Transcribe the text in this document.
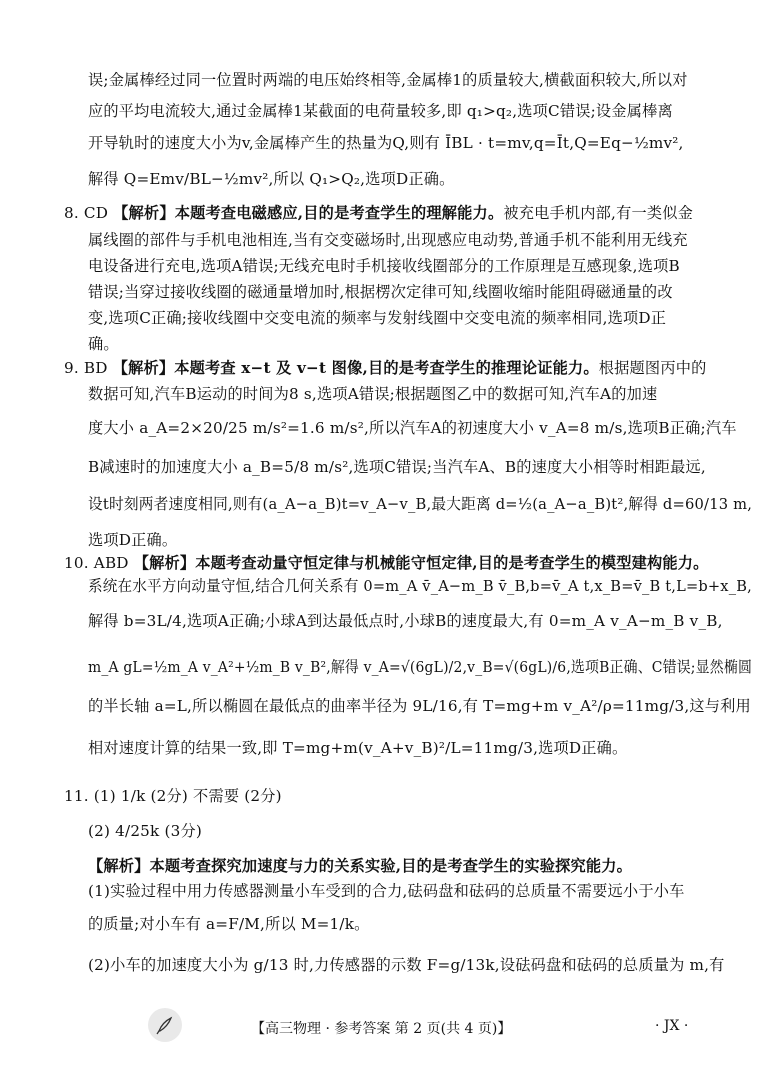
误;金属棒经过同一位置时两端的电压始终相等,金属棒1的质量较大,横截面积较大,所以对
应的平均电流较大,通过金属棒1某截面的电荷量较多,即 q₁>q₂,选项C错误;设金属棒离
开导轨时的速度大小为v,金属棒产生的热量为Q,则有 ĪBL · t=mv,q=Īt,Q=Eq−½mv²,
解得 Q=Emv/BL−½mv²,所以 Q₁>Q₂,选项D正确。
8. CD 【解析】本题考查电磁感应,目的是考查学生的理解能力。被充电手机内部,有一类似金
属线圈的部件与手机电池相连,当有交变磁场时,出现感应电动势,普通手机不能利用无线充
电设备进行充电,选项A错误;无线充电时手机接收线圈部分的工作原理是互感现象,选项B
错误;当穿过接收线圈的磁通量增加时,根据楞次定律可知,线圈收缩时能阻碍磁通量的改
变,选项C正确;接收线圈中交变电流的频率与发射线圈中交变电流的频率相同,选项D正
确。
9. BD 【解析】本题考查 x−t 及 v−t 图像,目的是考查学生的推理论证能力。根据题图丙中的
数据可知,汽车B运动的时间为8 s,选项A错误;根据题图乙中的数据可知,汽车A的加速
度大小 a_A=2×20/25 m/s²=1.6 m/s²,所以汽车A的初速度大小 v_A=8 m/s,选项B正确;汽车
B减速时的加速度大小 a_B=5/8 m/s²,选项C错误;当汽车A、B的速度大小相等时相距最远,
设t时刻两者速度相同,则有(a_A−a_B)t=v_A−v_B,最大距离 d=½(a_A−a_B)t²,解得 d=60/13 m,
选项D正确。
10. ABD 【解析】本题考查动量守恒定律与机械能守恒定律,目的是考查学生的模型建构能力。
系统在水平方向动量守恒,结合几何关系有 0=m_A v̄_A−m_B v̄_B,b=v̄_A t,x_B=v̄_B t,L=b+x_B,
解得 b=3L/4,选项A正确;小球A到达最低点时,小球B的速度最大,有 0=m_A v_A−m_B v_B,
m_A gL=½m_A v_A²+½m_B v_B²,解得 v_A=√(6gL)/2,v_B=√(6gL)/6,选项B正确、C错误;显然椭圆
的半长轴 a=L,所以椭圆在最低点的曲率半径为 9L/16,有 T=mg+m v_A²/ρ=11mg/3,这与利用
相对速度计算的结果一致,即 T=mg+m(v_A+v_B)²/L=11mg/3,选项D正确。
11. (1) 1/k (2分) 不需要 (2分)
(2) 4/25k (3分)
【解析】本题考查探究加速度与力的关系实验,目的是考查学生的实验探究能力。
(1)实验过程中用力传感器测量小车受到的合力,砝码盘和砝码的总质量不需要远小于小车
的质量;对小车有 a=F/M,所以 M=1/k。
(2)小车的加速度大小为 g/13 时,力传感器的示数 F=g/13k,设砝码盘和砝码的总质量为 m,有
【高三物理 · 参考答案 第 2 页(共 4 页)】	· JX ·
